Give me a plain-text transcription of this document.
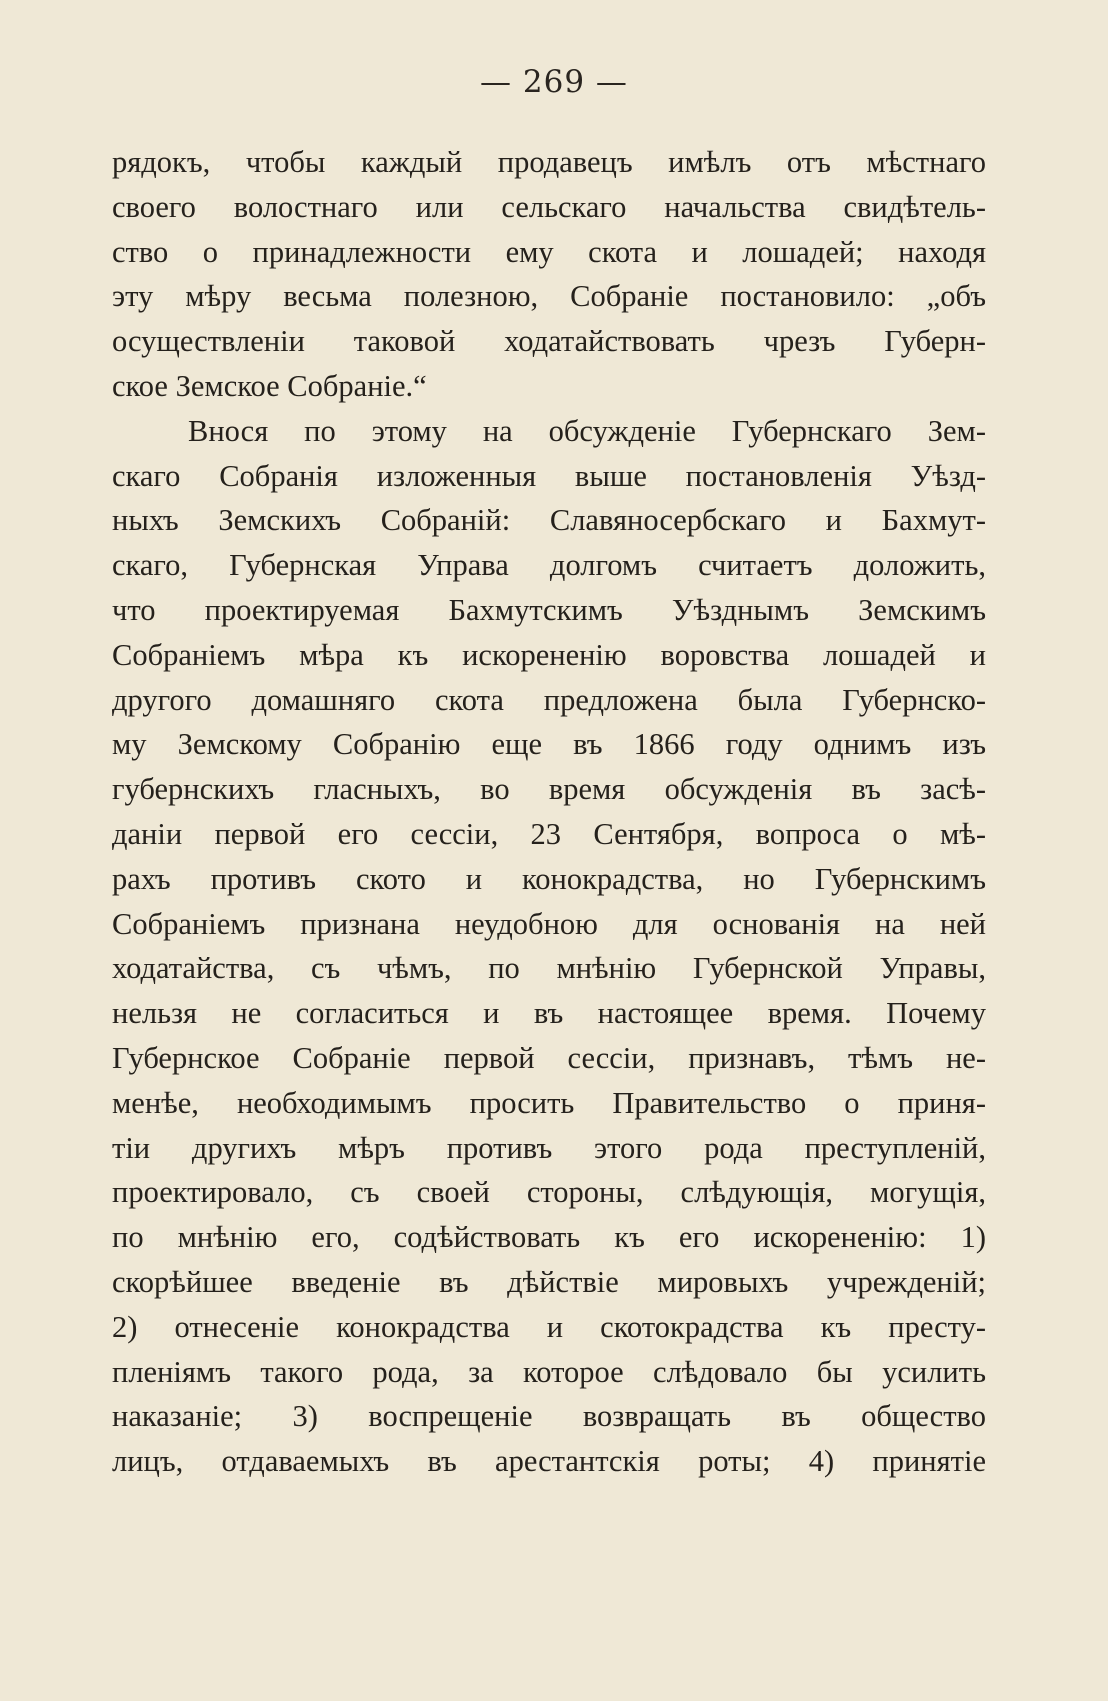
— 269 —
рядокъ, чтобы каждый продавецъ имѣлъ отъ мѣстнаго
своего волостнаго или сельскаго начальства свидѣтель-
ство о принадлежности ему скота и лошадей; находя
эту мѣру весьма полезною, Собраніе постановило: „объ
осуществленіи таковой ходатайствовать чрезъ Губерн-
ское Земское Собраніе.“
Внося по этому на обсужденіе Губернскаго Зем-
скаго Собранія изложенныя выше постановленія Уѣзд-
ныхъ Земскихъ Собраній: Славяносербскаго и Бахмут-
скаго, Губернская Управа долгомъ считаетъ доложить,
что проектируемая Бахмутскимъ Уѣзднымъ Земскимъ
Собраніемъ мѣра къ искорененію воровства лошадей и
другого домашняго скота предложена была Губернско-
му Земскому Собранію еще въ 1866 году однимъ изъ
губернскихъ гласныхъ, во время обсужденія въ засѣ-
даніи первой его сессіи, 23 Сентября, вопроса о мѣ-
рахъ противъ ското и конокрадства, но Губернскимъ
Собраніемъ признана неудобною для основанія на ней
ходатайства, съ чѣмъ, по мнѣнію Губернской Управы,
нельзя не согласиться и въ настоящее время. Почему
Губернское Собраніе первой сессіи, признавъ, тѣмъ не-
менѣе, необходимымъ просить Правительство о приня-
тіи другихъ мѣръ противъ этого рода преступленій,
проектировало, съ своей стороны, слѣдующія, могущія,
по мнѣнію его, содѣйствовать къ его искорененію: 1)
скорѣйшее введеніе въ дѣйствіе мировыхъ учрежденій;
2) отнесеніе конокрадства и скотокрадства къ престу-
пленіямъ такого рода, за которое слѣдовало бы усилить
наказаніе; 3) воспрещеніе возвращать въ общество
лицъ, отдаваемыхъ въ арестантскія роты; 4) принятіе
